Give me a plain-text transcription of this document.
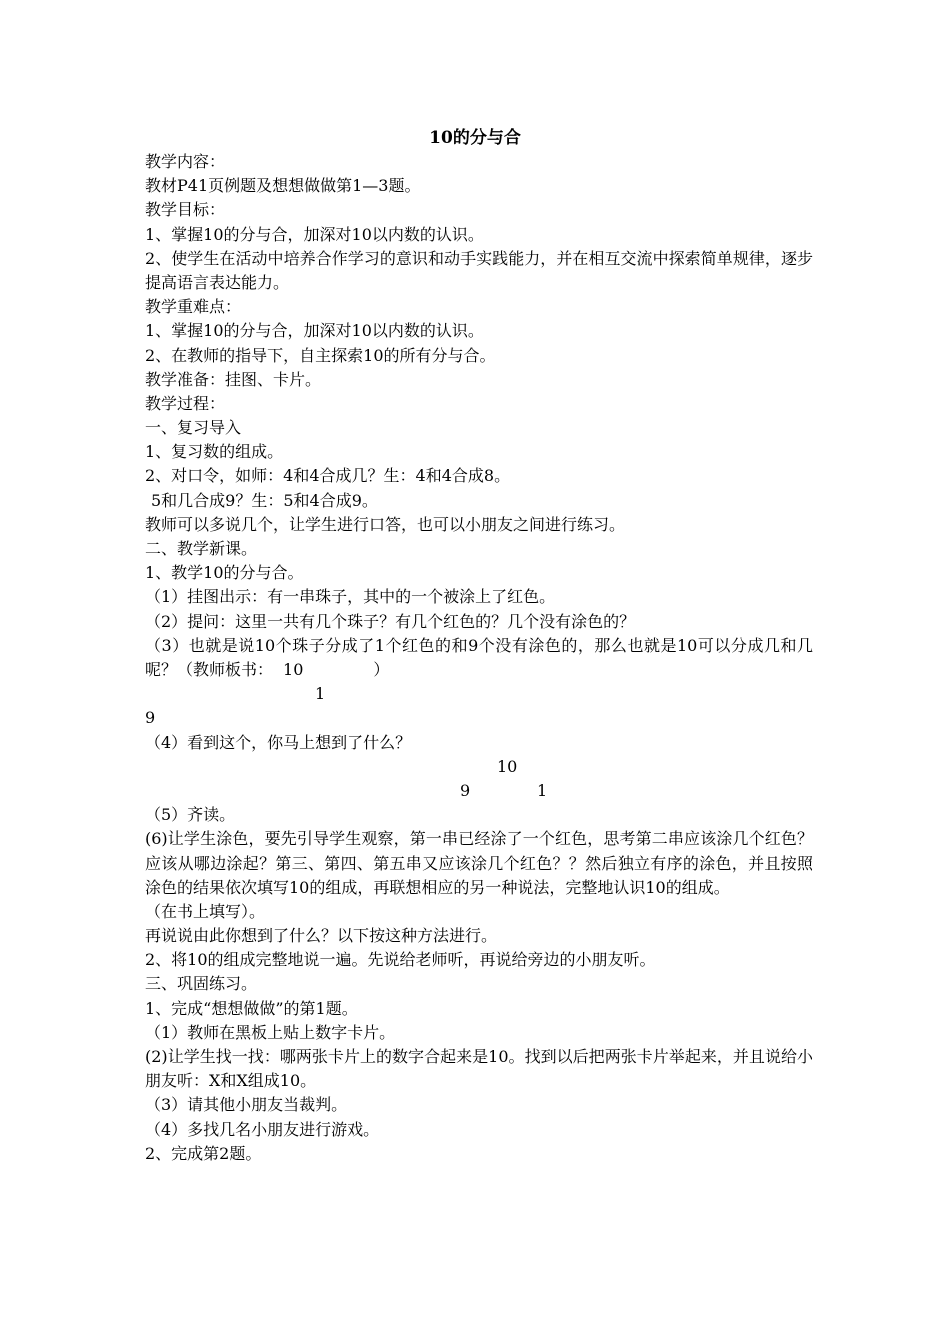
10的分与合
教学内容：
教材P41页例题及想想做做第1—3题。
教学目标：
1、掌握10的分与合，加深对10以内数的认识。
2、使学生在活动中培养合作学习的意识和动手实践能力，并在相互交流中探索简单规律，逐步提高语言表达能力。
教学重难点：
1、掌握10的分与合，加深对10以内数的认识。
2、在教师的指导下，自主探索10的所有分与合。
教学准备：挂图、卡片。
教学过程：
一、复习导入
1、复习数的组成。
2、对口令，如师：4和4合成几？生：4和4合成8。
5和几合成9？生：5和4合成9。
教师可以多说几个，让学生进行口答，也可以小朋友之间进行练习。
二、教学新课。
1、教学10的分与合。
（1）挂图出示：有一串珠子，其中的一个被涂上了红色。
（2）提问：这里一共有几个珠子？有几个红色的？几个没有涂色的？
（3）也就是说10个珠子分成了1个红色的和9个没有涂色的，那么也就是10可以分成几和几呢？（教师板书： 10	）
1
9
（4）看到这个，你马上想到了什么？
10
9	1
（5）齐读。
(6)让学生涂色，要先引导学生观察，第一串已经涂了一个红色，思考第二串应该涂几个红色？应该从哪边涂起？第三、第四、第五串又应该涂几个红色？？然后独立有序的涂色，并且按照涂色的结果依次填写10的组成，再联想相应的另一种说法，完整地认识10的组成。
（在书上填写）。
再说说由此你想到了什么？以下按这种方法进行。
2、将10的组成完整地说一遍。先说给老师听，再说给旁边的小朋友听。
三、巩固练习。
1、完成“想想做做”的第1题。
（1）教师在黑板上贴上数字卡片。
(2)让学生找一找：哪两张卡片上的数字合起来是10。找到以后把两张卡片举起来，并且说给小朋友听：X和X组成10。
（3）请其他小朋友当裁判。
（4）多找几名小朋友进行游戏。
2、完成第2题。
